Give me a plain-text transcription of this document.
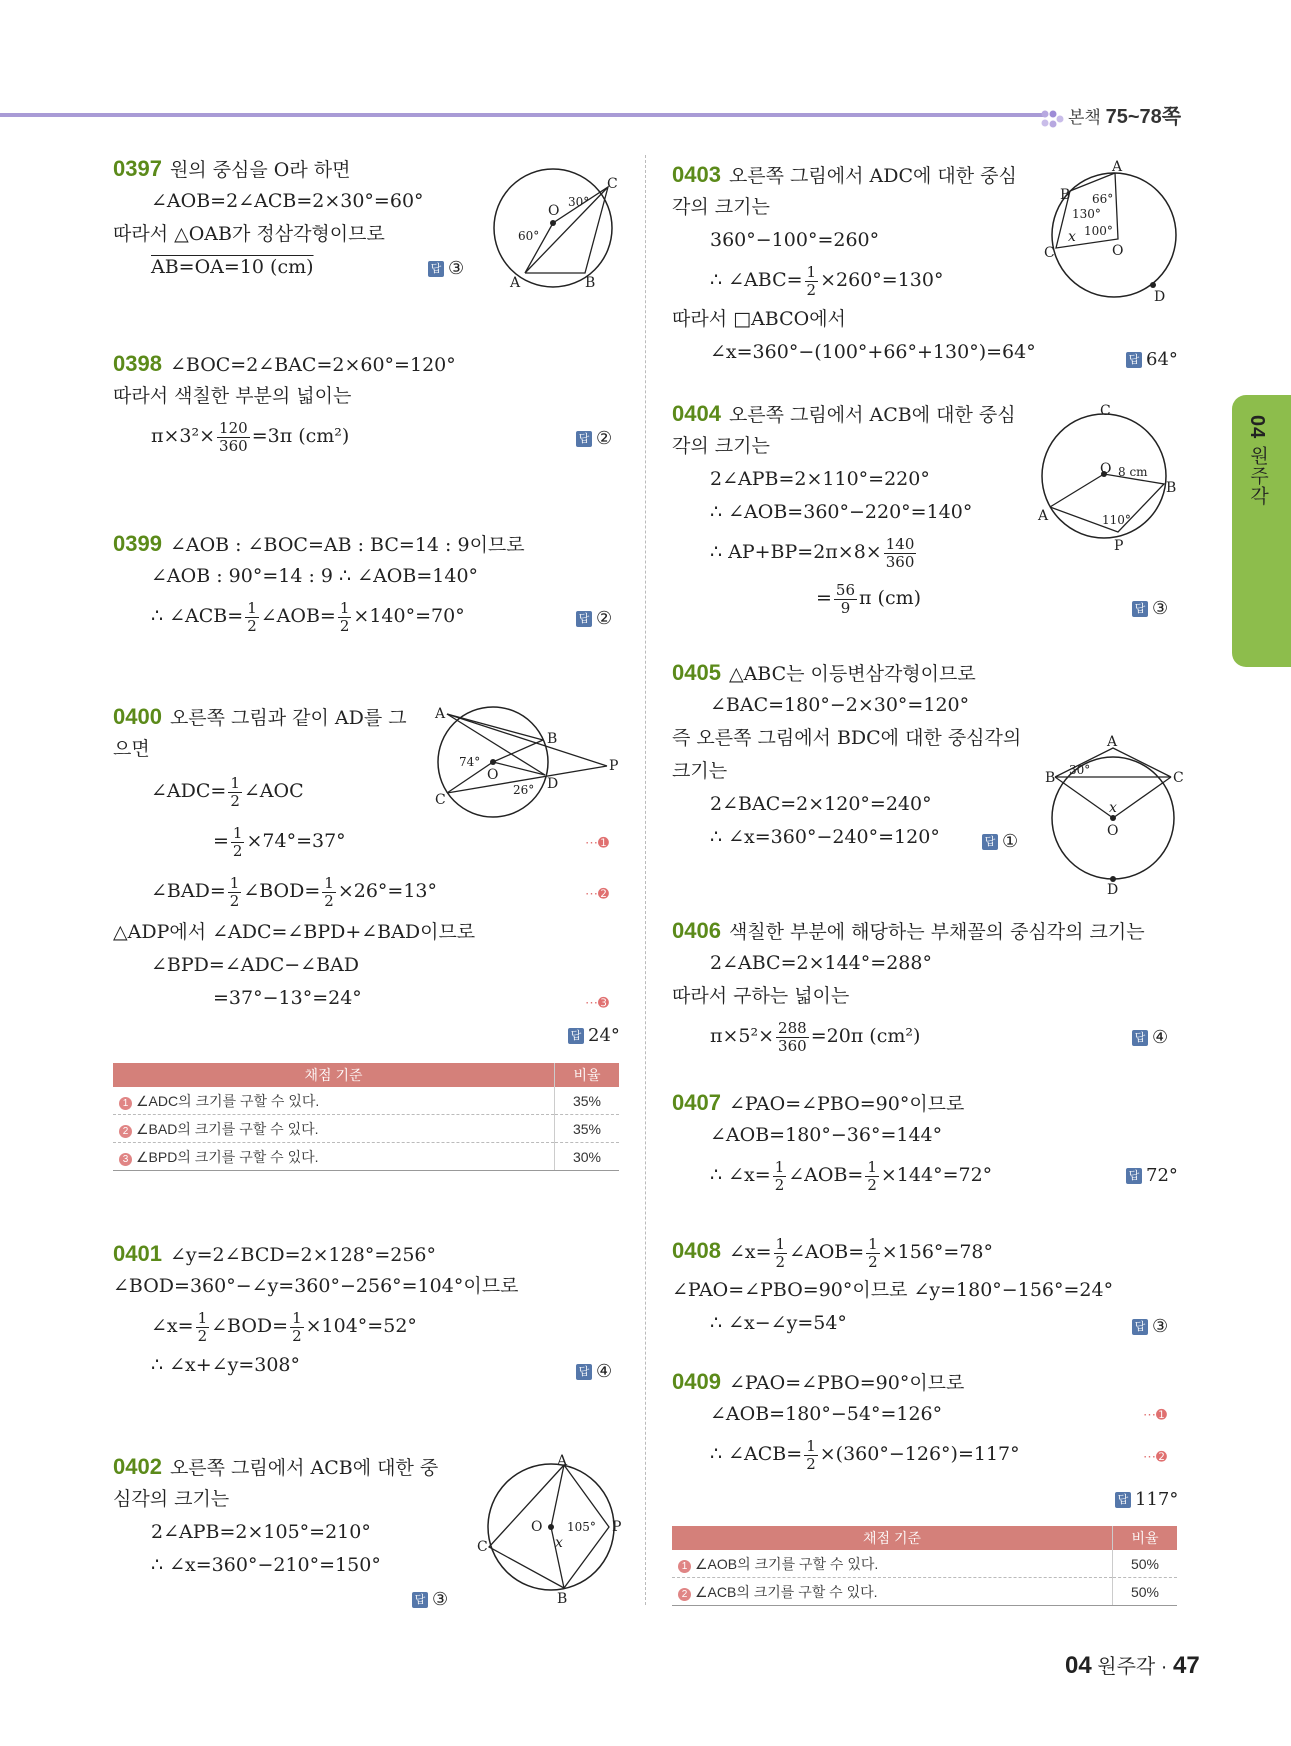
본책 75~78쪽
04 원주각
0397 원의 중심을 O라 하면
∠AOB=2∠ACB=2×30°=60°
따라서 △OAB가 정삼각형이므로
AB=OA=10 (cm)	답 ③
O
A	B
C
30°
60°
0398 ∠BOC=2∠BAC=2×60°=120°
따라서 색칠한 부분의 넓이는
$\pi\times 3^2\times \frac{120}{360} =3\pi$ (cm²)	답 ②
0399 ∠AOB : ∠BOC=AB : BC=14 : 9이므로
∠AOB : 90°=14 : 9 ∴ ∠AOB=140°
∴ ∠ACB= $\frac{1}{2}$ ∠AOB= $\frac{1}{2} \times 140^\circ=70^\circ$	답 ②
0400 오른쪽 그림과 같이 AD를 그
으면
∠ADC= $\frac{1}{2}$ ∠AOC
= $\frac{1}{2} \times 74^\circ=37^\circ$
∠BAD= $\frac{1}{2}$ ∠BOD= $\frac{1}{2} \times 26^\circ=13^\circ$
△ADP에서 ∠ADC=∠BPD+∠BAD이므로
∠BPD=∠ADC−∠BAD
=37°−13°=24°
⋯➊
⋯➋
⋯➌
답 24°
A
B
C
D
O
P
74°
26°
채점 기준	비율
1 ∠ADC의 크기를 구할 수 있다.	35%
2 ∠BAD의 크기를 구할 수 있다.	35%
3 ∠BPD의 크기를 구할 수 있다.	30%
0401 ∠y=2∠BCD=2×128°=256°
∠BOD=360°−∠y=360°−256°=104°이므로
∠x= $\frac{1}{2}$ ∠BOD= $\frac{1}{2} \times 104^\circ=52^\circ$
∴ ∠x+∠y=308°	답 ④
0402 오른쪽 그림에서 ACB에 대한 중
심각의 크기는
2∠APB=2×105°=210°
∴ ∠x=360°−210°=150°
답 ③
A
B
C
O	P
x
105°
0403 오른쪽 그림에서 ADC에 대한 중심
각의 크기는
360°−100°=260°
∴ ∠ABC= $\frac{1}{2} \times 260^\circ=130^\circ$
따라서 □ABCO에서
∠x=360°−(100°+66°+130°)=64°	답 64°
A
B
C
D
O
x
66°
130°
100°
0404 오른쪽 그림에서 ACB에 대한 중심
각의 크기는
2∠APB=2×110°=220°
∴ ∠AOB=360°−220°=140°
∴ $AP+BP=2\pi\times 8\times \frac{140}{360}$
= $\frac{56}{9}$ π (cm)	답 ③
C
A
B
O
P
8 cm
110°
0405 △ABC는 이등변삼각형이므로
∠BAC=180°−2×30°=120°
즉 오른쪽 그림에서 BDC에 대한 중심각의
크기는
2∠BAC=2×120°=240°
∴ ∠x=360°−240°=120°	답 ①
A
B	C
D
O
x
30°
0406 색칠한 부분에 해당하는 부채꼴의 중심각의 크기는
2∠ABC=2×144°=288°
따라서 구하는 넓이는
$\pi\times 5^2\times \frac{288}{360} =20\pi$ (cm²)	답 ④
0407 ∠PAO=∠PBO=90°이므로
∠AOB=180°−36°=144°
∴ ∠x= $\frac{1}{2}$ ∠AOB= $\frac{1}{2} \times 144^\circ=72^\circ$	답 72°
0408 ∠x= $\frac{1}{2}$ ∠AOB= $\frac{1}{2} \times 156^\circ=78^\circ$
∠PAO=∠PBO=90°이므로 ∠y=180°−156°=24°
∴ ∠x−∠y=54°	답 ③
0409 ∠PAO=∠PBO=90°이므로
∠AOB=180°−54°=126°
∴ ∠ACB= $\frac{1}{2} \times(360^\circ-126^\circ)=117^\circ$
⋯➊
⋯➋
답 117°
채점 기준	비율
1 ∠AOB의 크기를 구할 수 있다.	50%
2 ∠ACB의 크기를 구할 수 있다.	50%
04 원주각 · 47
